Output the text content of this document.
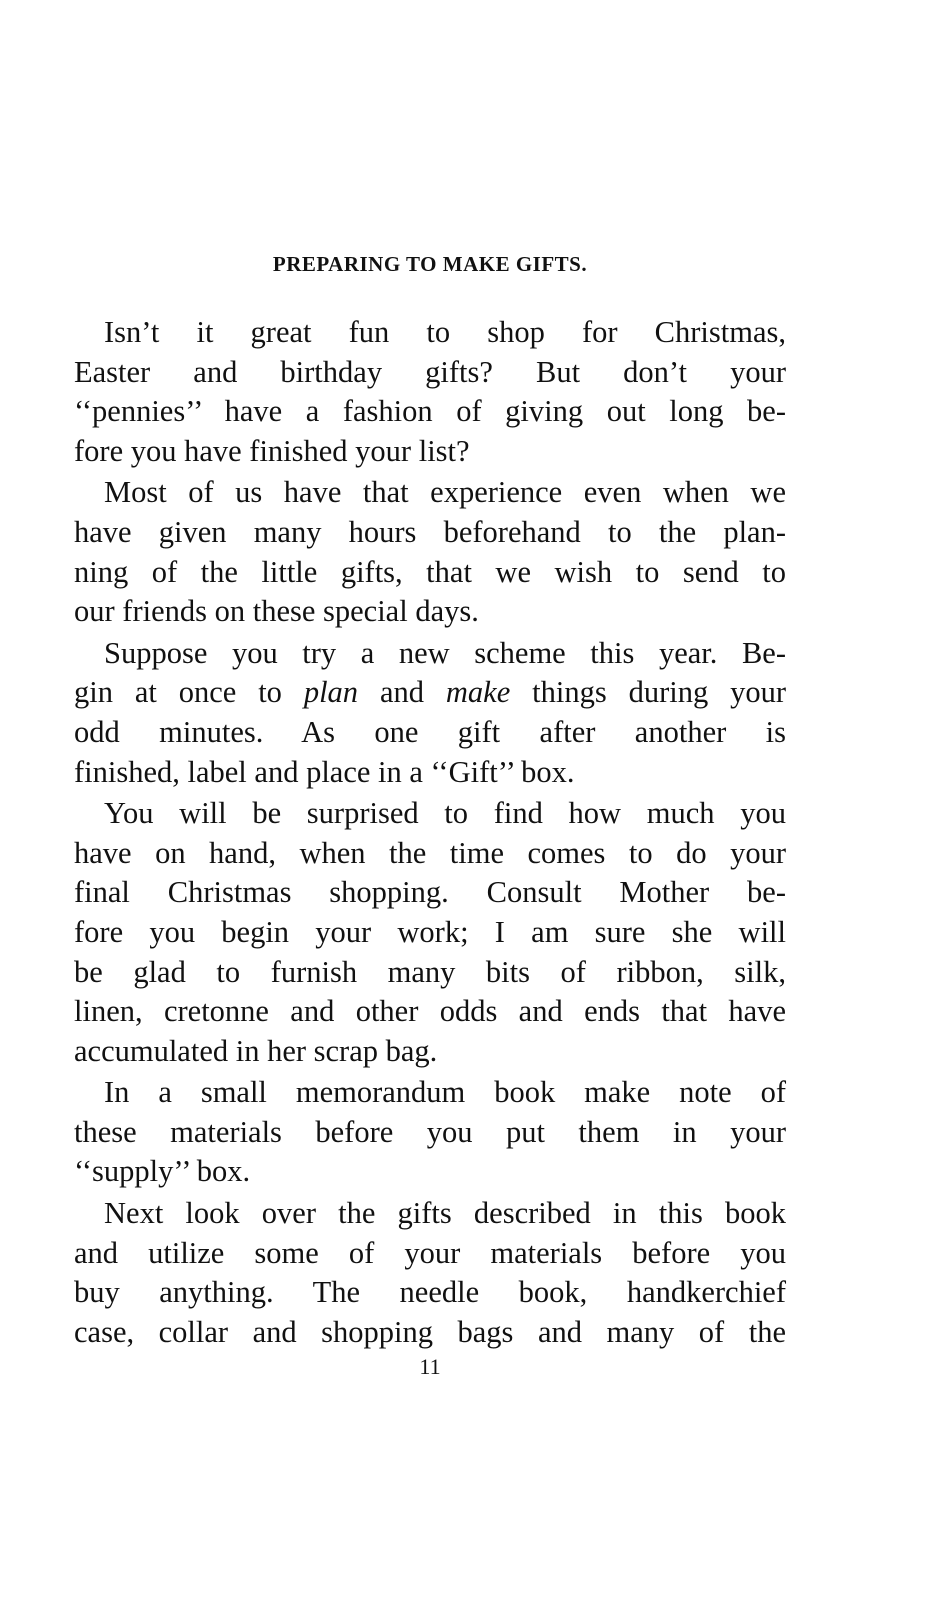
PREPARING TO MAKE GIFTS.

Isn’t it great fun to shop for Christmas,
Easter and birthday gifts? But don’t your
‘‘pennies’’ have a fashion of giving out long be-
fore you have finished your list?

Most of us have that experience even when we
have given many hours beforehand to the plan-
ning of the little gifts, that we wish to send to
our friends on these special days.

Suppose you try a new scheme this year. Be-
gin at once to plan and make things during your
odd minutes. As one gift after another is
finished, label and place in a ‘‘Gift’’ box.

You will be surprised to find how much you
have on hand, when the time comes to do your
final Christmas shopping. Consult Mother be-
fore you begin your work; I am sure she will
be glad to furnish many bits of ribbon, silk,
linen, cretonne and other odds and ends that have
accumulated in her scrap bag.

In a small memorandum book make note of
these materials before you put them in your
‘‘supply’’ box.

Next look over the gifts described in this book
and utilize some of your materials before you
buy anything. The needle book, handkerchief
case, collar and shopping bags and many of the

11
